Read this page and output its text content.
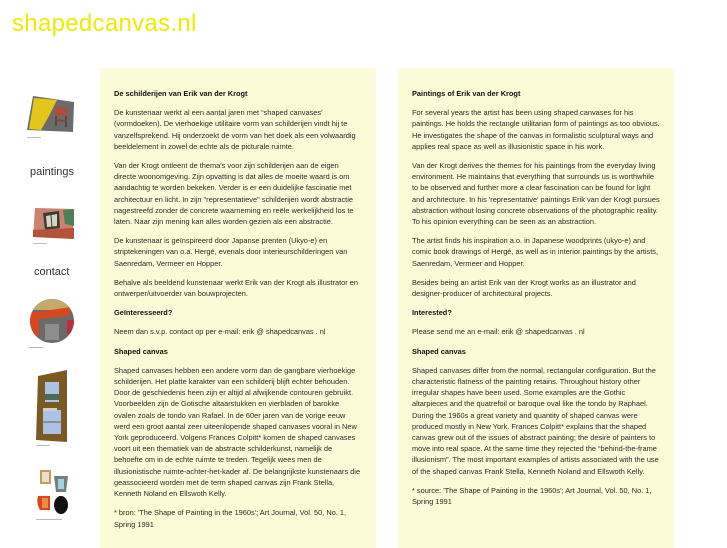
shapedcanvas.nl
paintings
contact
De schilderijen van Erik van der Krogt

De kunstenaar werkt al een aantal jaren met “shaped canvases’ (vormdoeken). De vierhoekige utilitaire vorm van schilderijen vindt hij te vanzelfsprekend. Hij onderzoekt de vorm van het doek als een volwaardig beeldelement in zowel de echte als de picturale ruimte.

Van der Krogt ontleent de thema's voor zijn schilderijen aan de eigen directe woonomgeving. Zijn opvatting is dat alles de moeite waard is om aandachtig te worden bekeken. Verder is er een duidelijke fascinatie met architectuur en licht. In zijn "representatieve" schilderijen wordt abstractie nagestreefd zonder de concrete waarneming en reële werkelijkheid los te laten. Naar zijn mening kan alles worden gezien als een abstractie.

De kunstenaar is geïnspireerd door Japanse prenten (Ukyo-e) en striptekeningen van o.a. Hergé, evenals door interieurschilderingen van Saenredam, Vermeer en Hopper.

Behalve als beeldend kunstenaar werkt Erik van der Krogt als illustrator en ontwerper/uitvoerder van bouwprojecten.

Geïnteresseerd?

Neem dan s.v.p. contact op per e-mail: erik @ shapedcanvas . nl

Shaped canvas

Shaped canvases hebben een andere vorm dan de gangbare vierhoekige schilderijen. Het platte karakter van een schilderij blijft echter behouden. Door de geschiedenis heen zijn er altijd al afwijkende contouren gebruikt. Voorbeelden zijn de Gotische altaarstukken en vierbladen of barokke ovalen zoals de tondo van Rafael. In de 60er jaren van de vorige eeuw werd een groot aantal zeer uiteenlopende shaped canvases vooral in New York geproduceerd. Volgens Frances Colpitt* komen de shaped canvases voort uit een thematiek van de abstracte schilderkunst, namelijk de behoefte om in de echte ruimte te treden. Tegelijk wees men de illusionistische ruimte-achter-het-kader af. De belangrijkste kunstenaars die geassocieerd worden met de term shaped canvas zijn Frank Stella, Kenneth Noland en Ellswoth Kelly.

* bron: 'The Shape of Painting in the 1960s'; Art Journal, Vol. 50, No. 1, Spring 1991

Paintings of Erik van der Krogt

For several years the artist has been using shaped canvases for his paintings. He holds the rectangle utilitarian form of paintings as too obvious. He investigates the shape of the canvas in formalistic sculptural ways and applies real space as well as illusionistic space in his work.

Van der Krogt derives the themes for his paintings from the everyday living environment. He maintains that everything that surrounds us is worthwhile to be observed and further more a clear fascination can be found for light and architecture. In his 'representative' paintings Erik van der Krogt pursues abstraction without losing concrete observations of the photographic reality. To his opinion everything can be seen as an abstraction.

The artist finds his inspiration a.o. in Japanese woodprints (ukyo-e) and comic book drawings of Hergé, as well as in interior paintings by the artists, Saenredam, Vermeer and Hopper.

Besides being an artist Erik van der Krogt works as an illustrator and designer-producer of architectural projects.

Interested?

Please send me an e-mail: erik @ shapedcanvas . nl

Shaped canvas

Shaped canvases differ from the normal, rectangular configuration. But the characteristic flatness of the painting retains. Throughout history other irregular shapes have been used. Some examples are the Gothic altarpieces and the quatrefoil or baroque oval like the tondo by Raphael. During the 1960s a great variety and quantity of shaped canvas were produced mostly in New York. Frances Colpitt* explains that the shaped canvas grew out of the issues of abstract painting; the desire of painters to move into real space. At the same time they rejected the “behind-the-frame illusionism”. The most important examples of artists associated with the use of the shaped canvas Frank Stella, Kenneth Noland and Ellswoth Kelly.

* source: 'The Shape of Painting in the 1960s'; Art Journal, Vol. 50, No. 1, Spring 1991
